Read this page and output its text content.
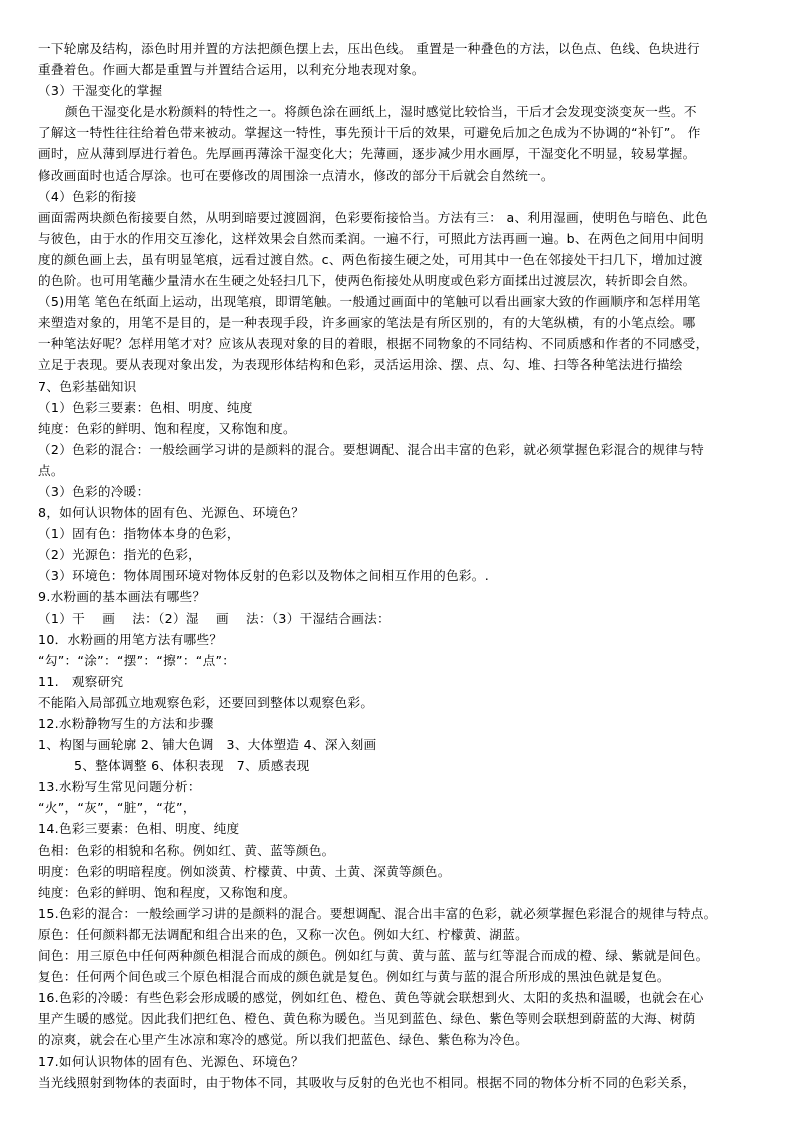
一下轮廓及结构，添色时用并置的方法把颜色摆上去，压出色线。 重置是一种叠色的方法，以色点、色线、色块进行
重叠着色。作画大都是重置与并置结合运用，以利充分地表现对象。
（3）干湿变化的掌握
颜色干湿变化是水粉颜料的特性之一。将颜色涂在画纸上，湿时感觉比较恰当，干后才会发现变淡变灰一些。不
了解这一特性往往给着色带来被动。掌握这一特性，事先预计干后的效果，可避免后加之色成为不协调的“补钉”。 作
画时，应从薄到厚进行着色。先厚画再薄涂干湿变化大；先薄画，逐步减少用水画厚，干湿变化不明显，较易掌握。
修改画面时也适合厚涂。也可在要修改的周围涂一点清水，修改的部分干后就会自然统一。
（4）色彩的衔接
画面需两块颜色衔接要自然，从明到暗要过渡圆润，色彩要衔接恰当。方法有三： a、利用湿画，使明色与暗色、此色
与彼色，由于水的作用交互渗化，这样效果会自然而柔润。一遍不行，可照此方法再画一遍。b、在两色之间用中间明
度的颜色画上去，虽有明显笔痕，远看过渡自然。c、两色衔接生硬之处，可用其中一色在邻接处干扫几下，增加过渡
的色阶。也可用笔蘸少量清水在生硬之处轻扫几下，使两色衔接处从明度或色彩方面揉出过渡层次，转折即会自然。
（5)用笔 笔色在纸面上运动，出现笔痕，即谓笔触。一般通过画面中的笔触可以看出画家大致的作画顺序和怎样用笔
来塑造对象的，用笔不是目的，是一种表现手段，许多画家的笔法是有所区别的，有的大笔纵横，有的小笔点绘。哪
一种笔法好呢？怎样用笔才对？应该从表现对象的目的着眼，根据不同物象的不同结构、不同质感和作者的不同感受，
立足于表现。要从表现对象出发，为表现形体结构和色彩，灵活运用涂、摆、点、勾、堆、扫等各种笔法进行描绘
7、色彩基础知识
（1）色彩三要素：色相、明度、纯度
纯度：色彩的鲜明、饱和程度，又称饱和度。
（2）色彩的混合：一般绘画学习讲的是颜料的混合。要想调配、混合出丰富的色彩，就必须掌握色彩混合的规律与特
点。
（3）色彩的冷暖：
8，如何认识物体的固有色、光源色、环境色？
（1）固有色：指物体本身的色彩，
（2）光源色：指光的色彩，
（3）环境色：物体周围环境对物体反射的色彩以及物体之间相互作用的色彩。.
9.水粉画的基本画法有哪些？
（1）干　 画　 法：（2）湿　 画　 法：（3）干湿结合画法：
10．水粉画的用笔方法有哪些？
“勾”：“涂”：“摆”：“擦”：“点”：
11.　观察研究
不能陷入局部孤立地观察色彩，还要回到整体以观察色彩。
12.水粉静物写生的方法和步骤
1、构图与画轮廓 2、铺大色调　3、大体塑造 4、深入刻画
5、整体调整 6、体积表现　7、质感表现
13.水粉写生常见问题分析：
“火”，“灰”，“脏”，“花”，
14.色彩三要素：色相、明度、纯度
色相：色彩的相貌和名称。例如红、黄、蓝等颜色。
明度：色彩的明暗程度。例如淡黄、柠檬黄、中黄、土黄、深黄等颜色。
纯度：色彩的鲜明、饱和程度，又称饱和度。
15.色彩的混合：一般绘画学习讲的是颜料的混合。要想调配、混合出丰富的色彩，就必须掌握色彩混合的规律与特点。
原色：任何颜料都无法调配和组合出来的色，又称一次色。例如大红、柠檬黄、湖蓝。
间色：用三原色中任何两种颜色相混合而成的颜色。例如红与黄、黄与蓝、蓝与红等混合而成的橙、绿、紫就是间色。
复色：任何两个间色或三个原色相混合而成的颜色就是复色。例如红与黄与蓝的混合所形成的黑浊色就是复色。
16.色彩的冷暖：有些色彩会形成暖的感觉，例如红色、橙色、黄色等就会联想到火、太阳的炙热和温暖，也就会在心
里产生暖的感觉。因此我们把红色、橙色、黄色称为暖色。当见到蓝色、绿色、紫色等则会联想到蔚蓝的大海、树荫
的凉爽，就会在心里产生冰凉和寒冷的感觉。所以我们把蓝色、绿色、紫色称为冷色。
17.如何认识物体的固有色、光源色、环境色？
当光线照射到物体的表面时，由于物体不同，其吸收与反射的色光也不相同。根据不同的物体分析不同的色彩关系，
